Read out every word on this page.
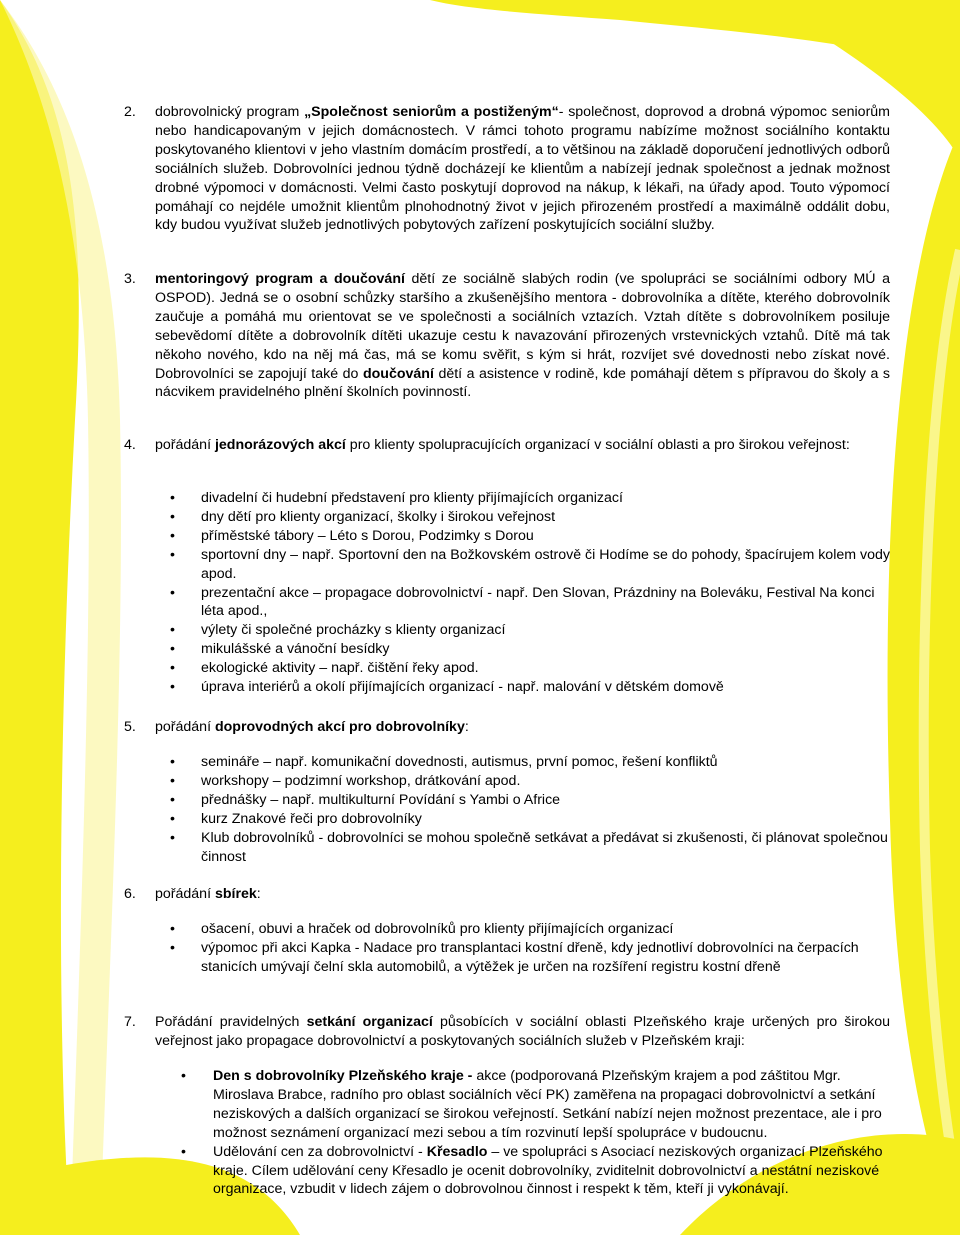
2. dobrovolnický program „Společnost seniorům a postiženým“- společnost, doprovod a drobná výpomoc seniorům nebo handicapovaným v jejich domácnostech. V rámci tohoto programu nabízíme možnost sociálního kontaktu poskytovaného klientovi v jeho vlastním domácím prostředí, a to většinou na základě doporučení jednotlivých odborů sociálních služeb. Dobrovolníci jednou týdně docházejí ke klientům a nabízejí jednak společnost a jednak možnost drobné výpomoci v domácnosti. Velmi často poskytují doprovod na nákup, k lékaři, na úřady apod. Touto výpomocí pomáhají co nejdéle umožnit klientům plnohodnotný život v jejich přirozeném prostředí a maximálně oddálit dobu, kdy budou využívat služeb jednotlivých pobytových zařízení poskytujících sociální služby.
3. mentoringový program a doučování dětí ze sociálně slabých rodin (ve spolupráci se sociálními odbory MÚ a OSPOD). Jedná se o osobní schůzky staršího a zkušenějšího mentora - dobrovolníka a dítěte, kterého dobrovolník zaučuje a pomáhá mu orientovat se ve společnosti a sociálních vztazích. Vztah dítěte s dobrovolníkem posiluje sebevědomí dítěte a dobrovolník dítěti ukazuje cestu k navazování přirozených vrstevnických vztahů. Dítě má tak někoho nového, kdo na něj má čas, má se komu svěřit, s kým si hrát, rozvíjet své dovednosti nebo získat nové. Dobrovolníci se zapojují také do doučování dětí a asistence v rodině, kde pomáhají dětem s přípravou do školy a s nácvikem pravidelného plnění školních povinností.
4. pořádání jednorázových akcí pro klienty spolupracujících organizací v sociální oblasti a pro širokou veřejnost:
• divadelní či hudební představení pro klienty přijímajících organizací
• dny dětí pro klienty organizací, školky i širokou veřejnost
• příměstské tábory – Léto s Dorou, Podzimky s Dorou
• sportovní dny – např. Sportovní den na Božkovském ostrově či Hodíme se do pohody, špacírujem kolem vody apod.
• prezentační akce – propagace dobrovolnictví - např. Den Slovan, Prázdniny na Boleváku, Festival Na konci léta apod.,
• výlety či společné procházky s klienty organizací
• mikulášské a vánoční besídky
• ekologické aktivity – např. čištění řeky apod.
• úprava interiérů a okolí přijímajících organizací - např. malování v dětském domově
5. pořádání doprovodných akcí pro dobrovolníky:
• semináře – např. komunikační dovednosti, autismus, první pomoc, řešení konfliktů
• workshopy – podzimní workshop, drátkování apod.
• přednášky – např. multikulturní Povídání s Yambi o Africe
• kurz Znakové řeči pro dobrovolníky
• Klub dobrovolníků - dobrovolníci se mohou společně setkávat a předávat si zkušenosti, či plánovat společnou činnost
6. pořádání sbírek:
• ošacení, obuvi a hraček od dobrovolníků pro klienty přijímajících organizací
• výpomoc při akci Kapka - Nadace pro transplantaci kostní dřeně, kdy jednotliví dobrovolníci na čerpacích stanicích umývají čelní skla automobilů, a výtěžek je určen na rozšíření registru kostní dřeně
7. Pořádání pravidelných setkání organizací působících v sociální oblasti Plzeňského kraje určených pro širokou veřejnost jako propagace dobrovolnictví a poskytovaných sociálních služeb v Plzeňském kraji:
• Den s dobrovolníky Plzeňského kraje - akce (podporovaná Plzeňským krajem a pod záštitou Mgr. Miroslava Brabce, radního pro oblast sociálních věcí PK) zaměřena na propagaci dobrovolnictví a setkání neziskových a dalších organizací se širokou veřejností. Setkání nabízí nejen možnost prezentace, ale i pro možnost seznámení organizací mezi sebou a tím rozvinutí lepší spolupráce v budoucnu.
• Udělování cen za dobrovolnictví - Křesadlo – ve spolupráci s Asociací neziskových organizací Plzeňského kraje. Cílem udělování ceny Křesadlo je ocenit dobrovolníky, zviditelnit dobrovolnictví a nestátní neziskové organizace, vzbudit v lidech zájem o dobrovolnou činnost i respekt k těm, kteří ji vykonávají.
